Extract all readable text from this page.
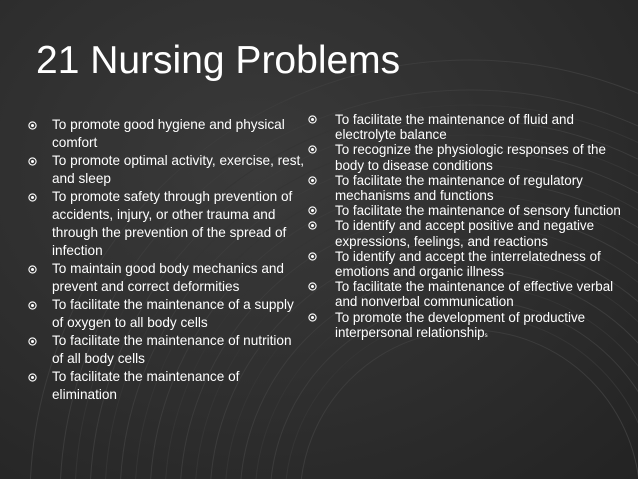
21 Nursing Problems
To promote good hygiene and physical comfort
To promote optimal activity, exercise, rest, and sleep
To promote safety through prevention of accidents, injury, or other trauma and through the prevention of the spread of infection
To maintain good body mechanics and prevent and correct deformities
To facilitate the maintenance of a supply of oxygen to all body cells
To facilitate the maintenance of nutrition of all body cells
To facilitate the maintenance of elimination
To facilitate the maintenance of fluid and electrolyte balance
To recognize the physiologic responses of the body to disease conditions
To facilitate the maintenance of regulatory mechanisms and functions
To facilitate the maintenance of sensory function
To identify and accept positive and negative expressions, feelings, and reactions
To identify and accept the interrelatedness of emotions and organic illness
To facilitate the maintenance of effective verbal and nonverbal communication
To promote the development of productive interpersonal relationships
